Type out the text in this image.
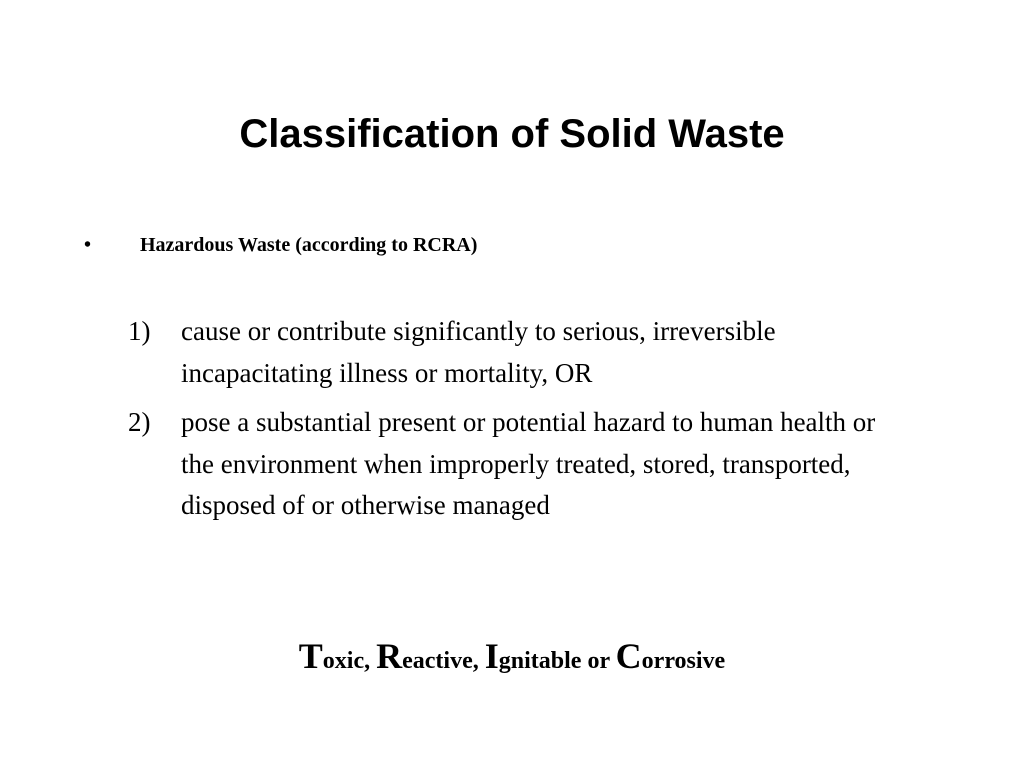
Classification of Solid Waste
• Hazardous Waste (according to RCRA)
1) cause or contribute significantly to serious, irreversible incapacitating illness or mortality, OR
2) pose a substantial present or potential hazard to human health or the environment when improperly treated, stored, transported, disposed of or otherwise managed
Toxic, Reactive, Ignitable or Corrosive
